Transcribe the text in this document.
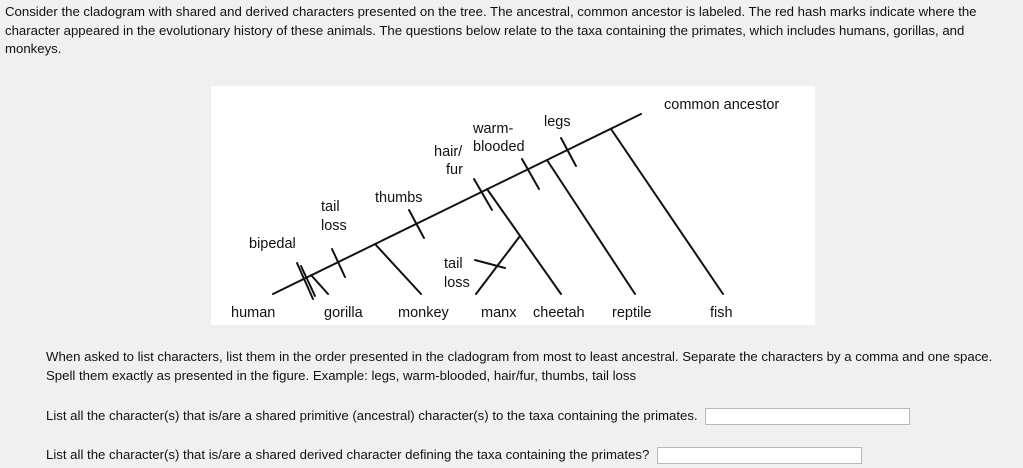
Consider the cladogram with shared and derived characters presented on the tree. The ancestral, common ancestor is labeled. The red hash marks indicate where the character appeared in the evolutionary history of these animals. The questions below relate to the taxa containing the primates, which includes humans, gorillas, and monkeys.
common ancestor
legs
warm-
blooded
hair/
fur
thumbs
tail
loss
bipedal
tail
loss
human	gorilla monkey manx cheetah reptile	fish
When asked to list characters, list them in the order presented in the cladogram from most to least ancestral. Separate the characters by a comma and one space. Spell them exactly as presented in the figure. Example: legs, warm-blooded, hair/fur, thumbs, tail loss
List all the character(s) that is/are a shared primitive (ancestral) character(s) to the taxa containing the primates.
List all the character(s) that is/are a shared derived character defining the taxa containing the primates?
